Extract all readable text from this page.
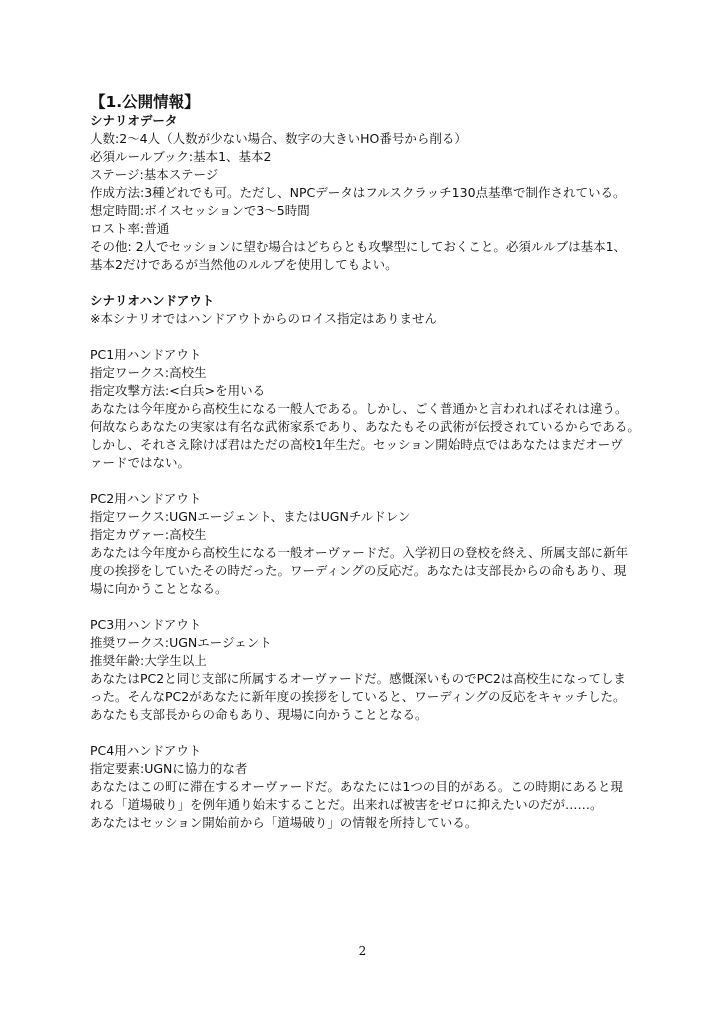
【1.公開情報】

シナリオデータ

人数:2〜4人（人数が少ない場合、数字の大きいHO番号から削る）

必須ルールブック:基本1、基本2

ステージ:基本ステージ

作成方法:3種どれでも可。ただし、NPCデータはフルスクラッチ130点基準で制作されている。

想定時間:ボイスセッションで3〜5時間

ロスト率:普通

その他: 2人でセッションに望む場合はどちらとも攻撃型にしておくこと。必須ルルブは基本1、

基本2だけであるが当然他のルルブを使用してもよい。

シナリオハンドアウト

※本シナリオではハンドアウトからのロイス指定はありません

PC1用ハンドアウト

指定ワークス:高校生

指定攻撃方法:<白兵>を用いる

あなたは今年度から高校生になる一般人である。しかし、ごく普通かと言われればそれは違う。

何故ならあなたの実家は有名な武術家系であり、あなたもその武術が伝授されているからである。

しかし、それさえ除けば君はただの高校1年生だ。セッション開始時点ではあなたはまだオーヴ

ァードではない。

PC2用ハンドアウト

指定ワークス:UGNエージェント、またはUGNチルドレン

指定カヴァー:高校生

あなたは今年度から高校生になる一般オーヴァードだ。入学初日の登校を終え、所属支部に新年

度の挨拶をしていたその時だった。ワーディングの反応だ。あなたは支部長からの命もあり、現

場に向かうこととなる。

PC3用ハンドアウト

推奨ワークス:UGNエージェント

推奨年齢:大学生以上

あなたはPC2と同じ支部に所属するオーヴァードだ。感慨深いものでPC2は高校生になってしま

った。そんなPC2があなたに新年度の挨拶をしていると、ワーディングの反応をキャッチした。

あなたも支部長からの命もあり、現場に向かうこととなる。

PC4用ハンドアウト

指定要素:UGNに協力的な者

あなたはこの町に滞在するオーヴァードだ。あなたには1つの目的がある。この時期にあると現

れる「道場破り」を例年通り始末することだ。出来れば被害をゼロに抑えたいのだが……。

あなたはセッション開始前から「道場破り」の情報を所持している。

2
